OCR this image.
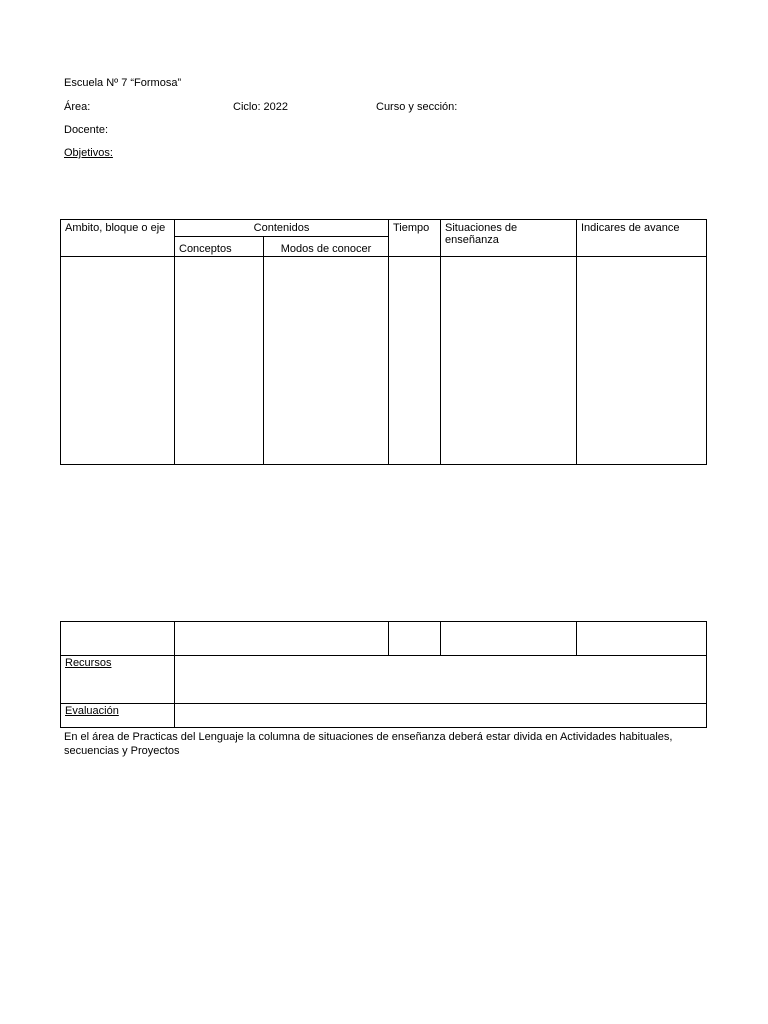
Escuela Nº 7 “Formosa”
Área:	Ciclo: 2022	Curso y sección:
Docente:
Objetivos:
Ambito, bloque o eje	Contenidos		Tiempo	Situaciones de enseñanza	Indicares de avance
	Conceptos	Modos de conocer			

Recursos				
Evaluación				
En el área de Practicas del Lenguaje la columna de situaciones de enseñanza deberá estar divida en Actividades habituales, secuencias y Proyectos
